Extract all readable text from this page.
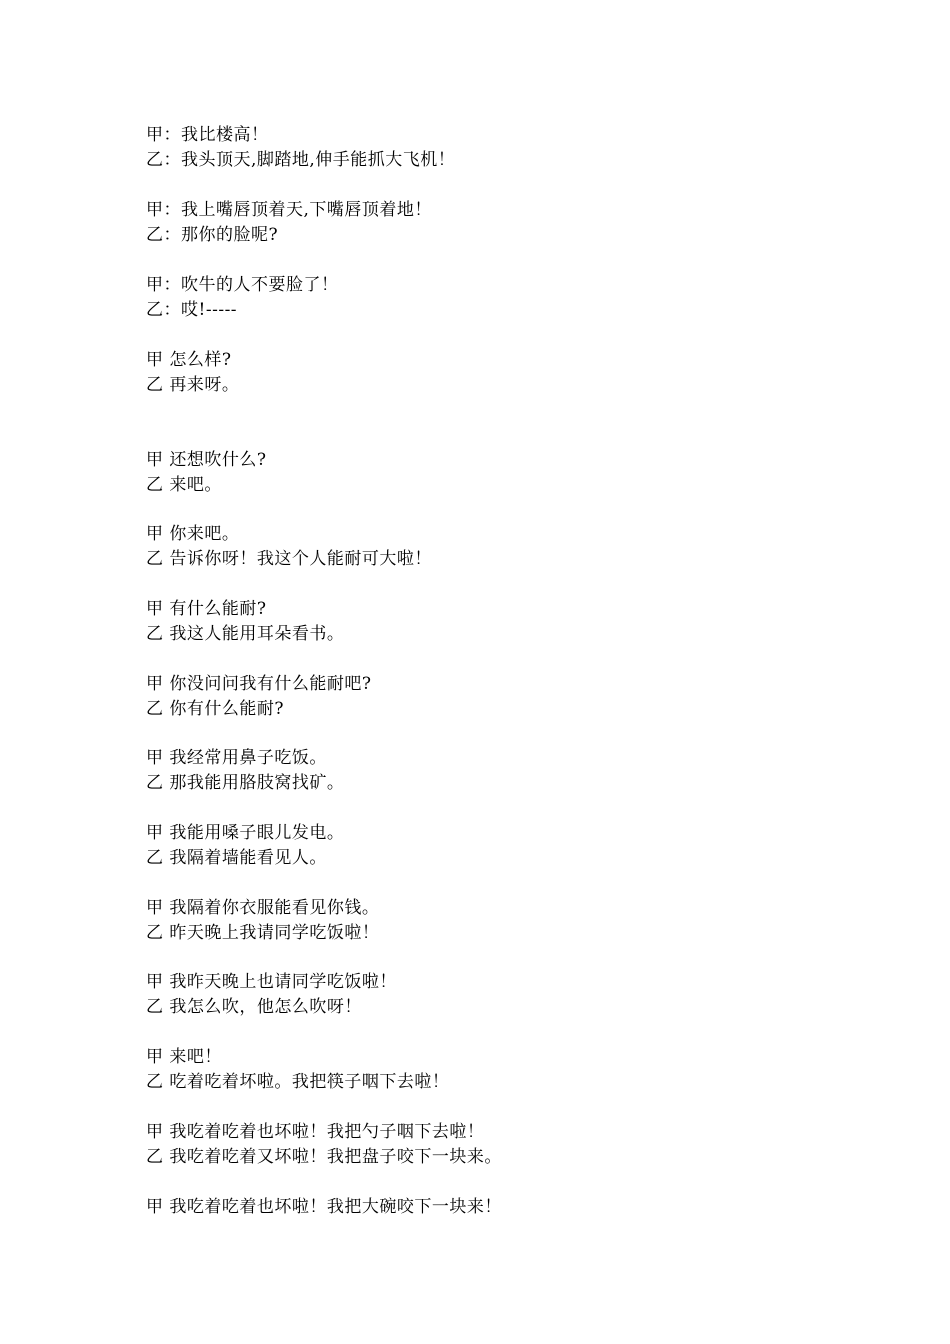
甲：我比楼高！
乙：我头顶天,脚踏地,伸手能抓大飞机！
甲：我上嘴唇顶着天,下嘴唇顶着地！
乙：那你的脸呢?
甲：吹牛的人不要脸了！
乙：哎!-----
甲 怎么样?
乙 再来呀。
甲 还想吹什么?
乙 来吧。
甲 你来吧。
乙 告诉你呀！我这个人能耐可大啦！
甲 有什么能耐?
乙 我这人能用耳朵看书。
甲 你没问问我有什么能耐吧?
乙 你有什么能耐?
甲 我经常用鼻子吃饭。
乙 那我能用胳肢窝找矿。
甲 我能用嗓子眼儿发电。
乙 我隔着墙能看见人。
甲 我隔着你衣服能看见你钱。
乙 昨天晚上我请同学吃饭啦！
甲 我昨天晚上也请同学吃饭啦！
乙 我怎么吹，他怎么吹呀！
甲 来吧！
乙 吃着吃着坏啦。我把筷子咽下去啦！
甲 我吃着吃着也坏啦！我把勺子咽下去啦！
乙 我吃着吃着又坏啦！我把盘子咬下一块来。
甲 我吃着吃着也坏啦！我把大碗咬下一块来！
